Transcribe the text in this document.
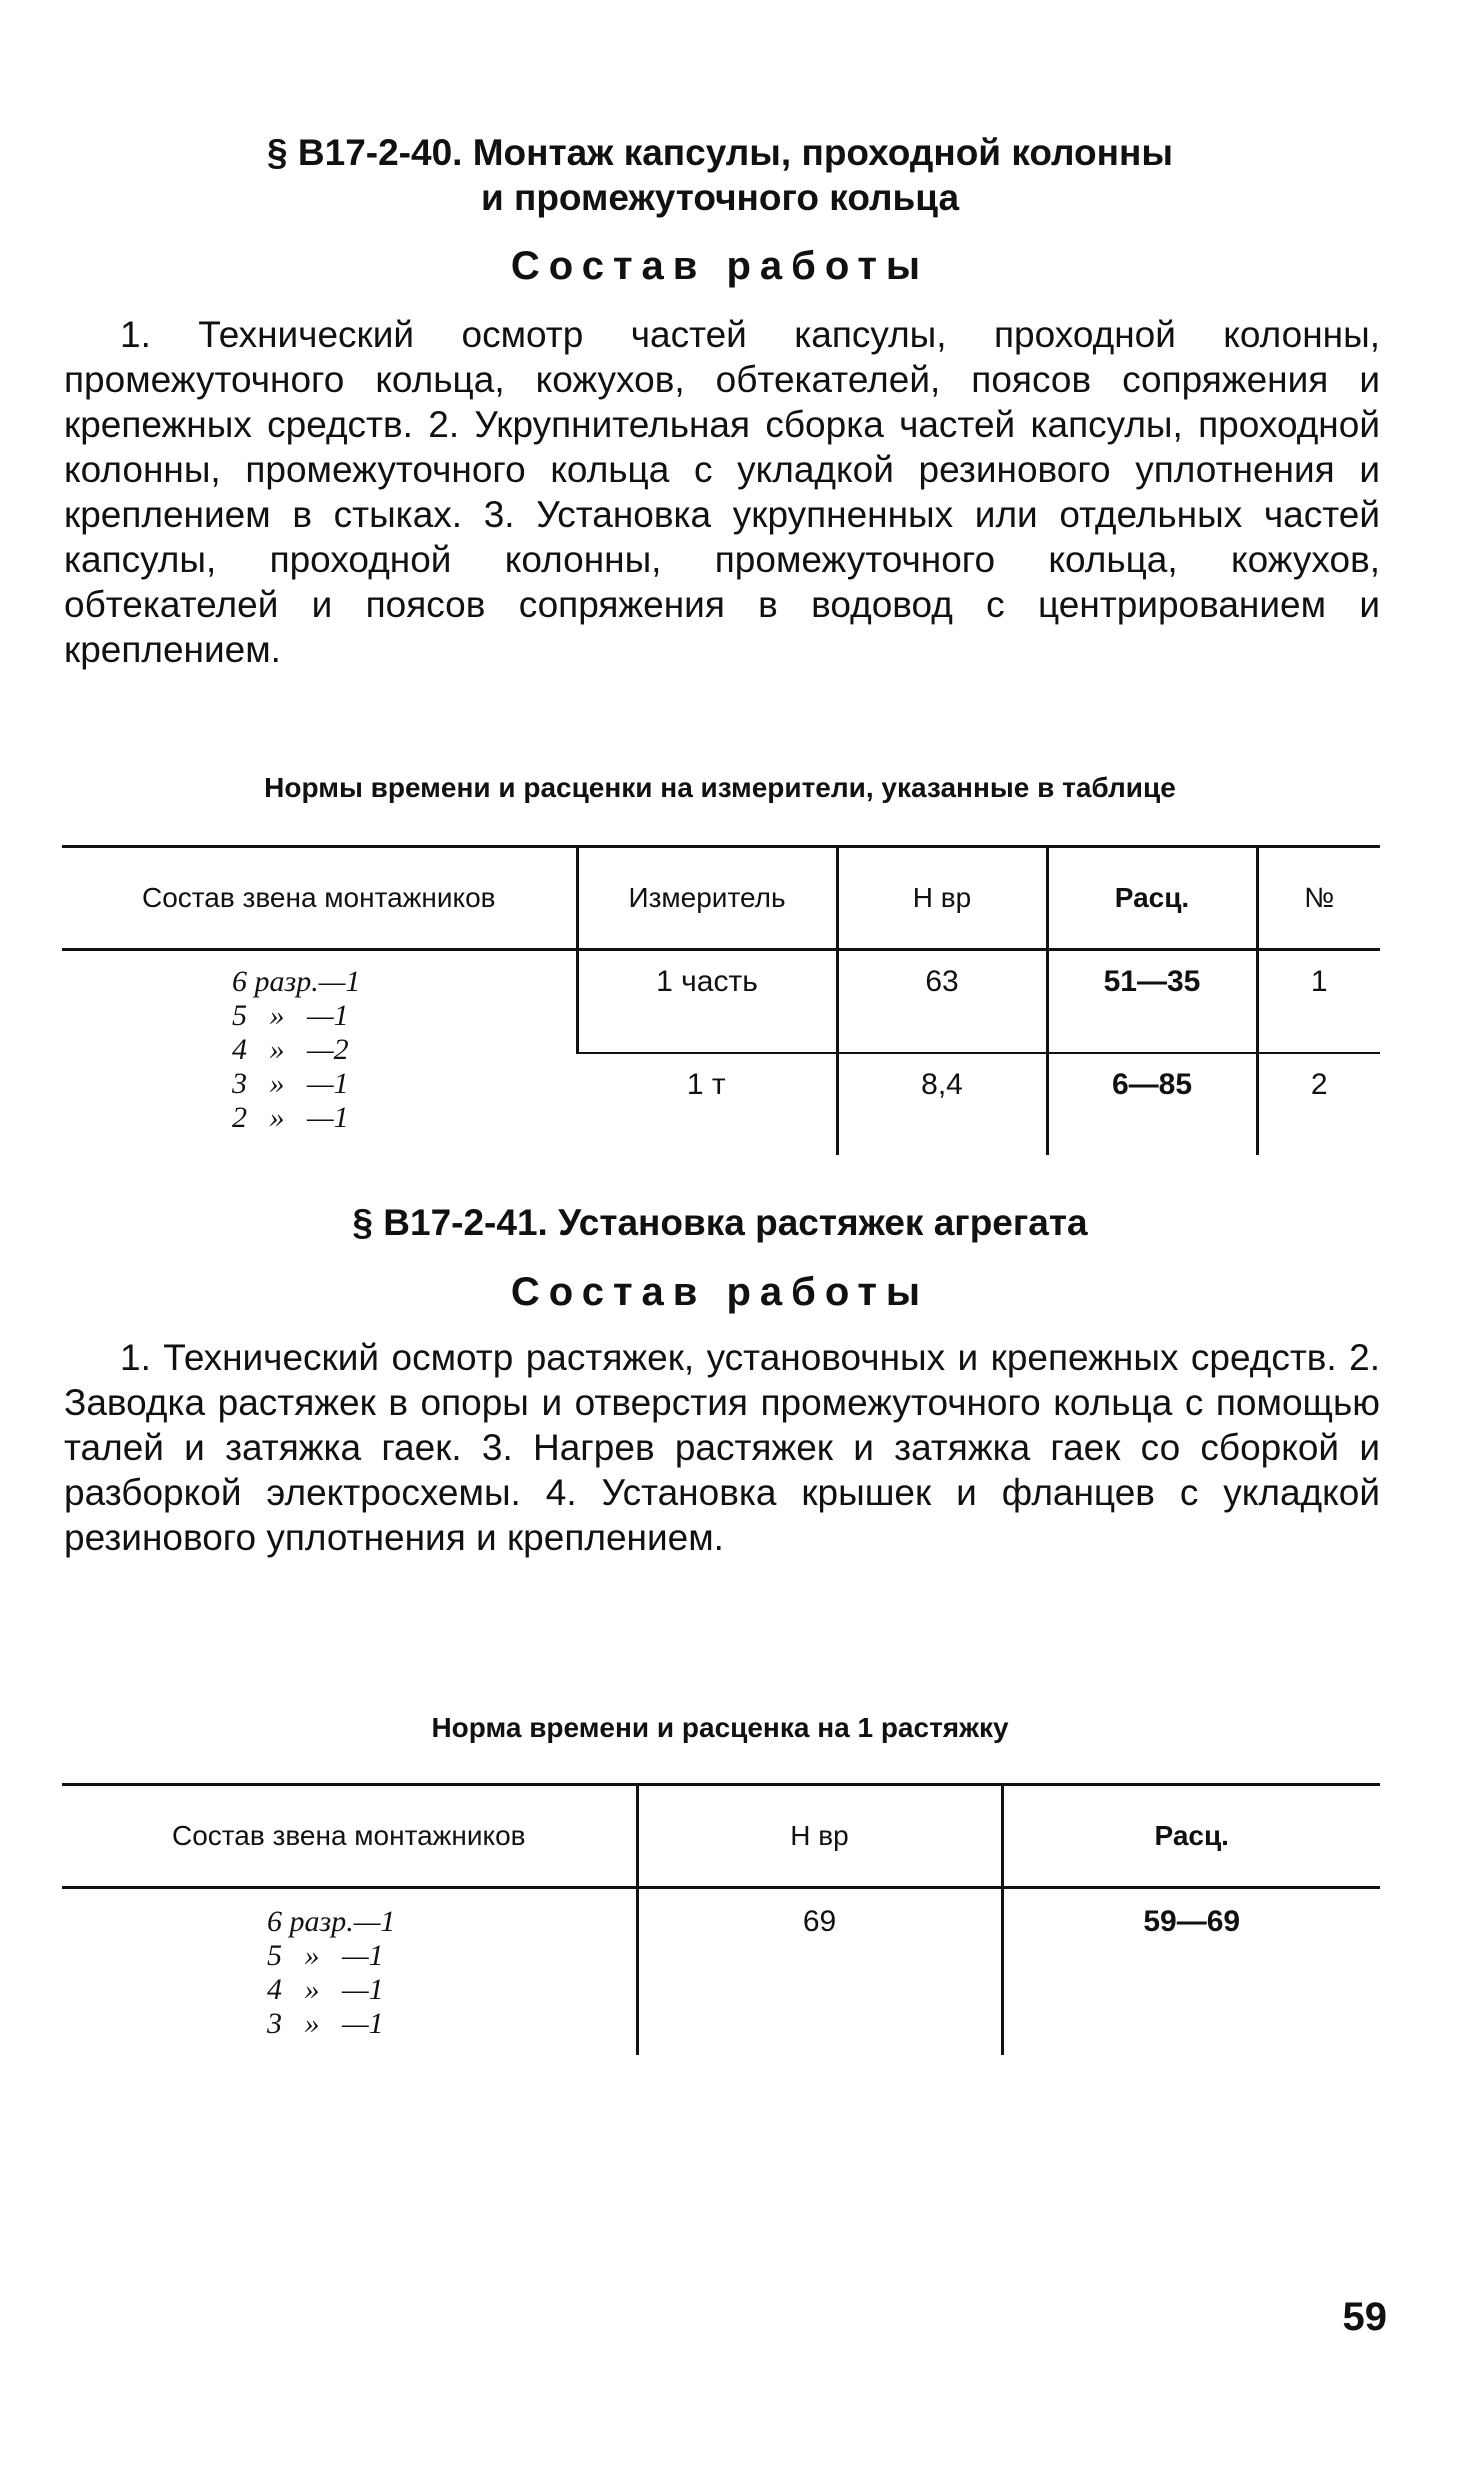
§ В17-2-40. Монтаж капсулы, проходной колонны
и промежуточного кольца
Состав работы
1. Технический осмотр частей капсулы, проходной колонны, промежуточного кольца, кожухов, обтекателей, поясов сопряжения и крепежных средств. 2. Укрупнительная сборка частей капсулы, проходной колонны, промежуточного кольца с укладкой резинового уплотнения и креплением в стыках. 3. Установка укрупненных или отдельных частей капсулы, проходной колонны, промежуточного кольца, кожухов, обтекателей и поясов сопряжения в водовод с центрированием и креплением.
Нормы времени и расценки на измерители, указанные в таблице
Состав звена монтажников	Измеритель	Н вр	Расц.	№

6 разр.—1
5   »   —1
4   »   —2
3   »   —1
2   »   —1	1 часть	63	51—35	1
	1 т	8,4	6—85	2
§ В17-2-41. Установка растяжек агрегата
Состав работы
1. Технический осмотр растяжек, установочных и крепежных средств. 2. Заводка растяжек в опоры и отверстия промежуточного кольца с помощью талей и затяжка гаек. 3. Нагрев растяжек и затяжка гаек со сборкой и разборкой электросхемы. 4. Установка крышек и фланцев с укладкой резинового уплотнения и креплением.
Норма времени и расценка на 1 растяжку
Состав звена монтажников	Н вр	Расц.

6 разр.—1
5   »   —1
4   »   —1
3   »   —1	69	59—69
59
